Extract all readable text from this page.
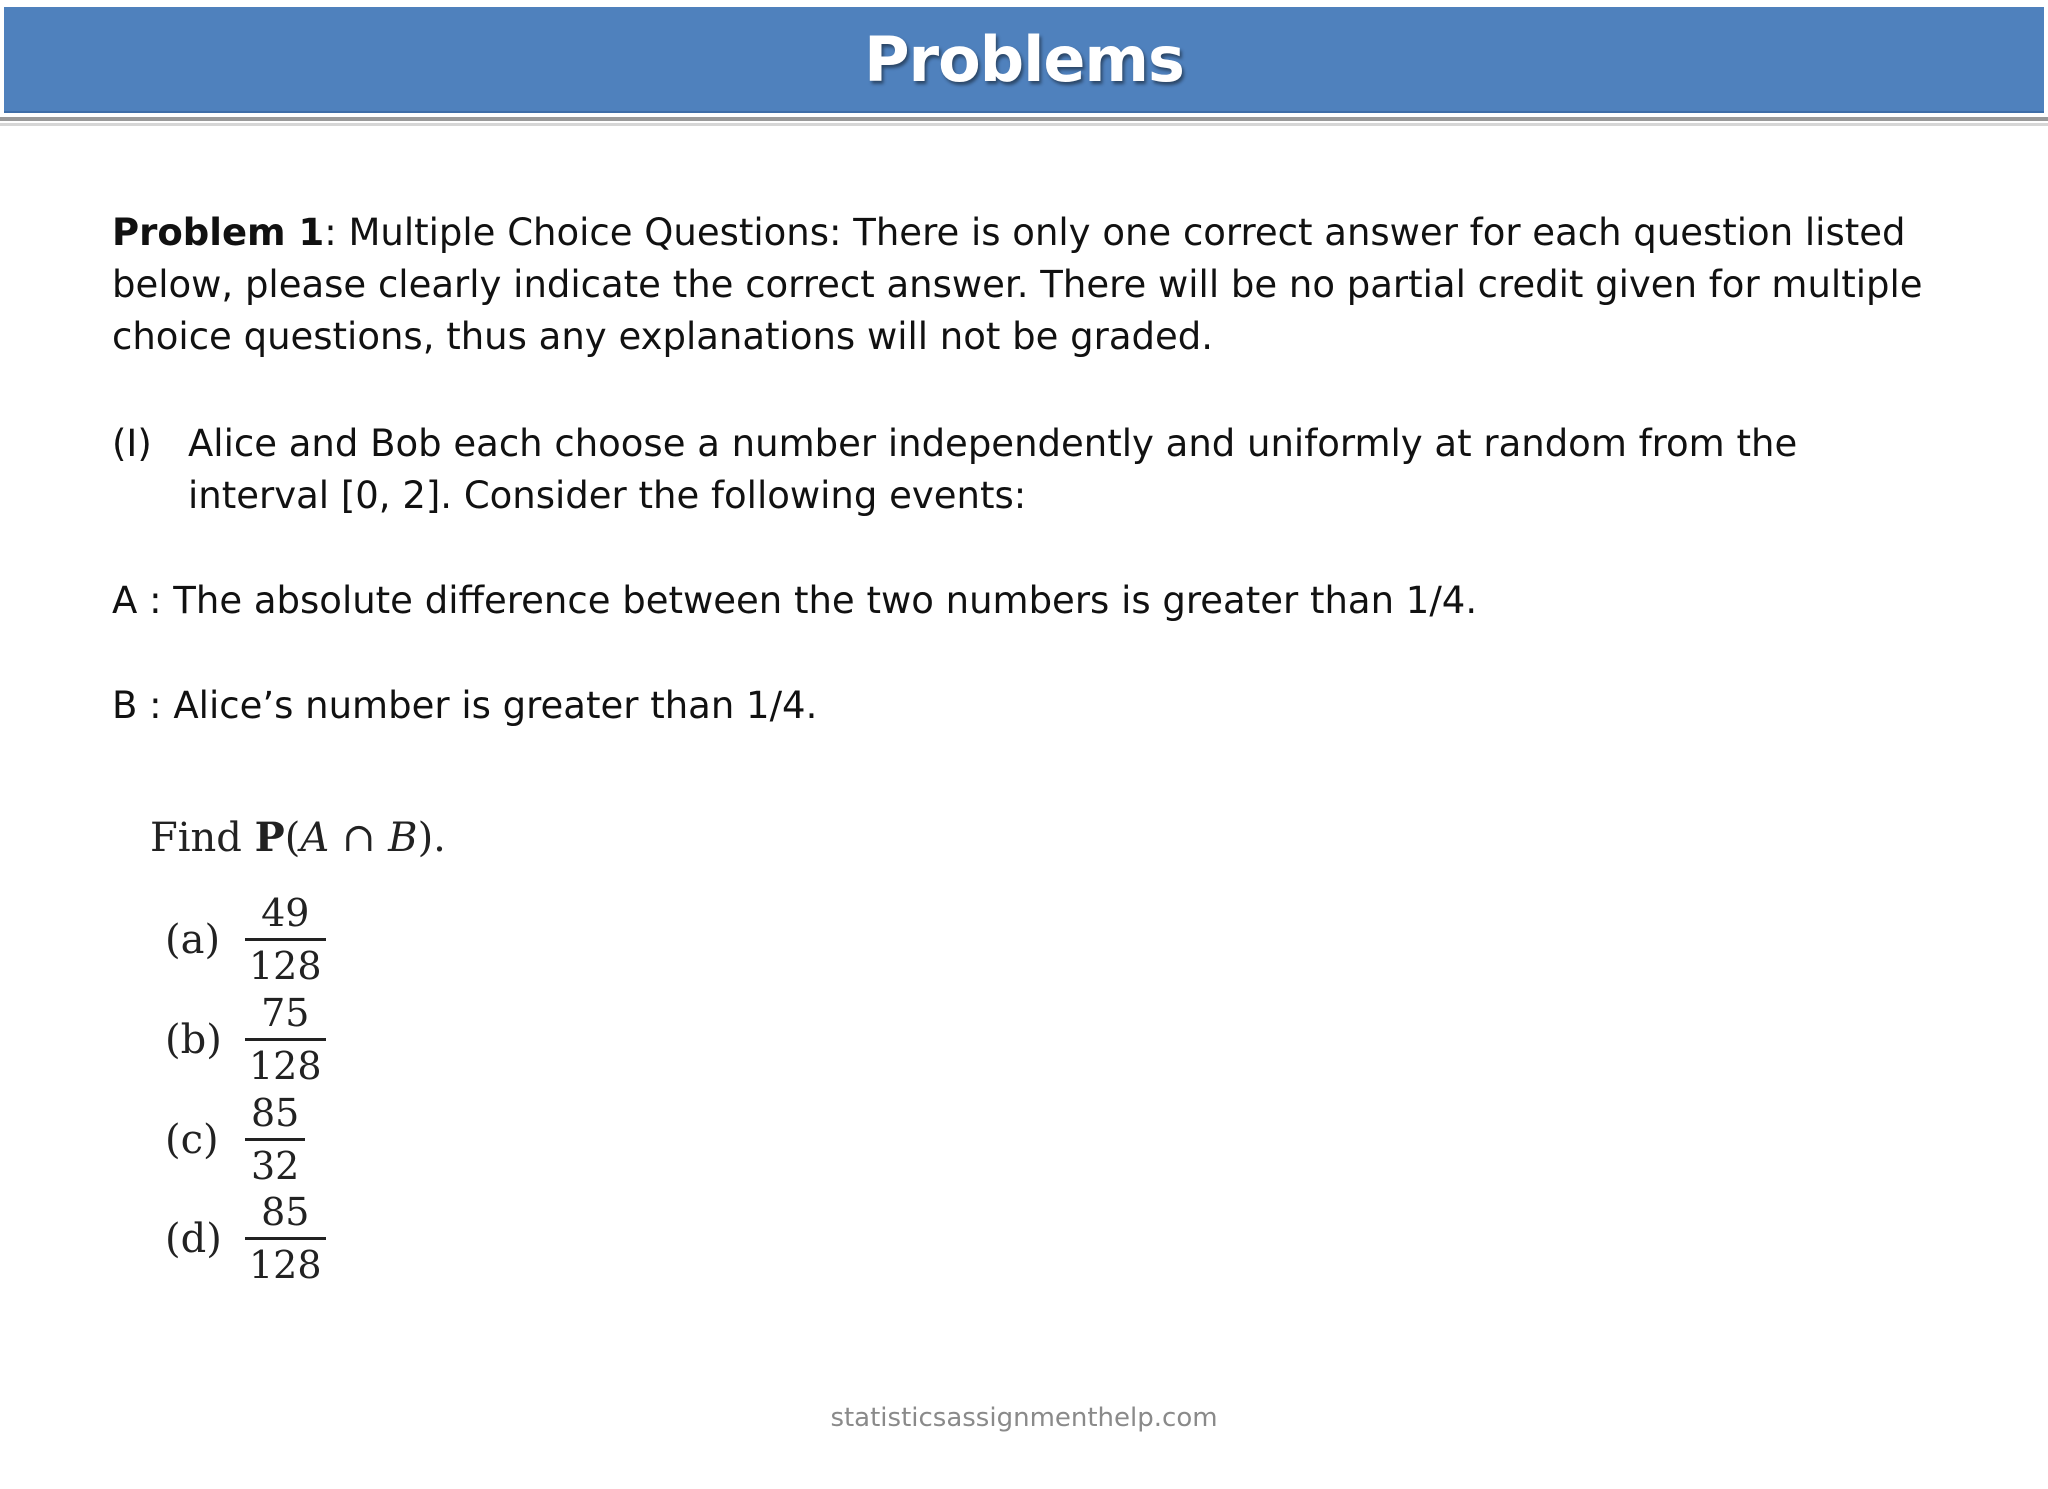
Problems
Problem 1: Multiple Choice Questions: There is only one correct answer for each question listed below, please clearly indicate the correct answer. There will be no partial credit given for multiple choice questions, thus any explanations will not be graded.
(I) Alice and Bob each choose a number independently and uniformly at random from the interval [0, 2]. Consider the following events:
A : The absolute difference between the two numbers is greater than 1/4.
B : Alice’s number is greater than 1/4.
Find P(A ∩ B).
(a)
49
128
(b)
75
128
(c)
85
32
(d)
85
128
statisticsassignmenthelp.com
